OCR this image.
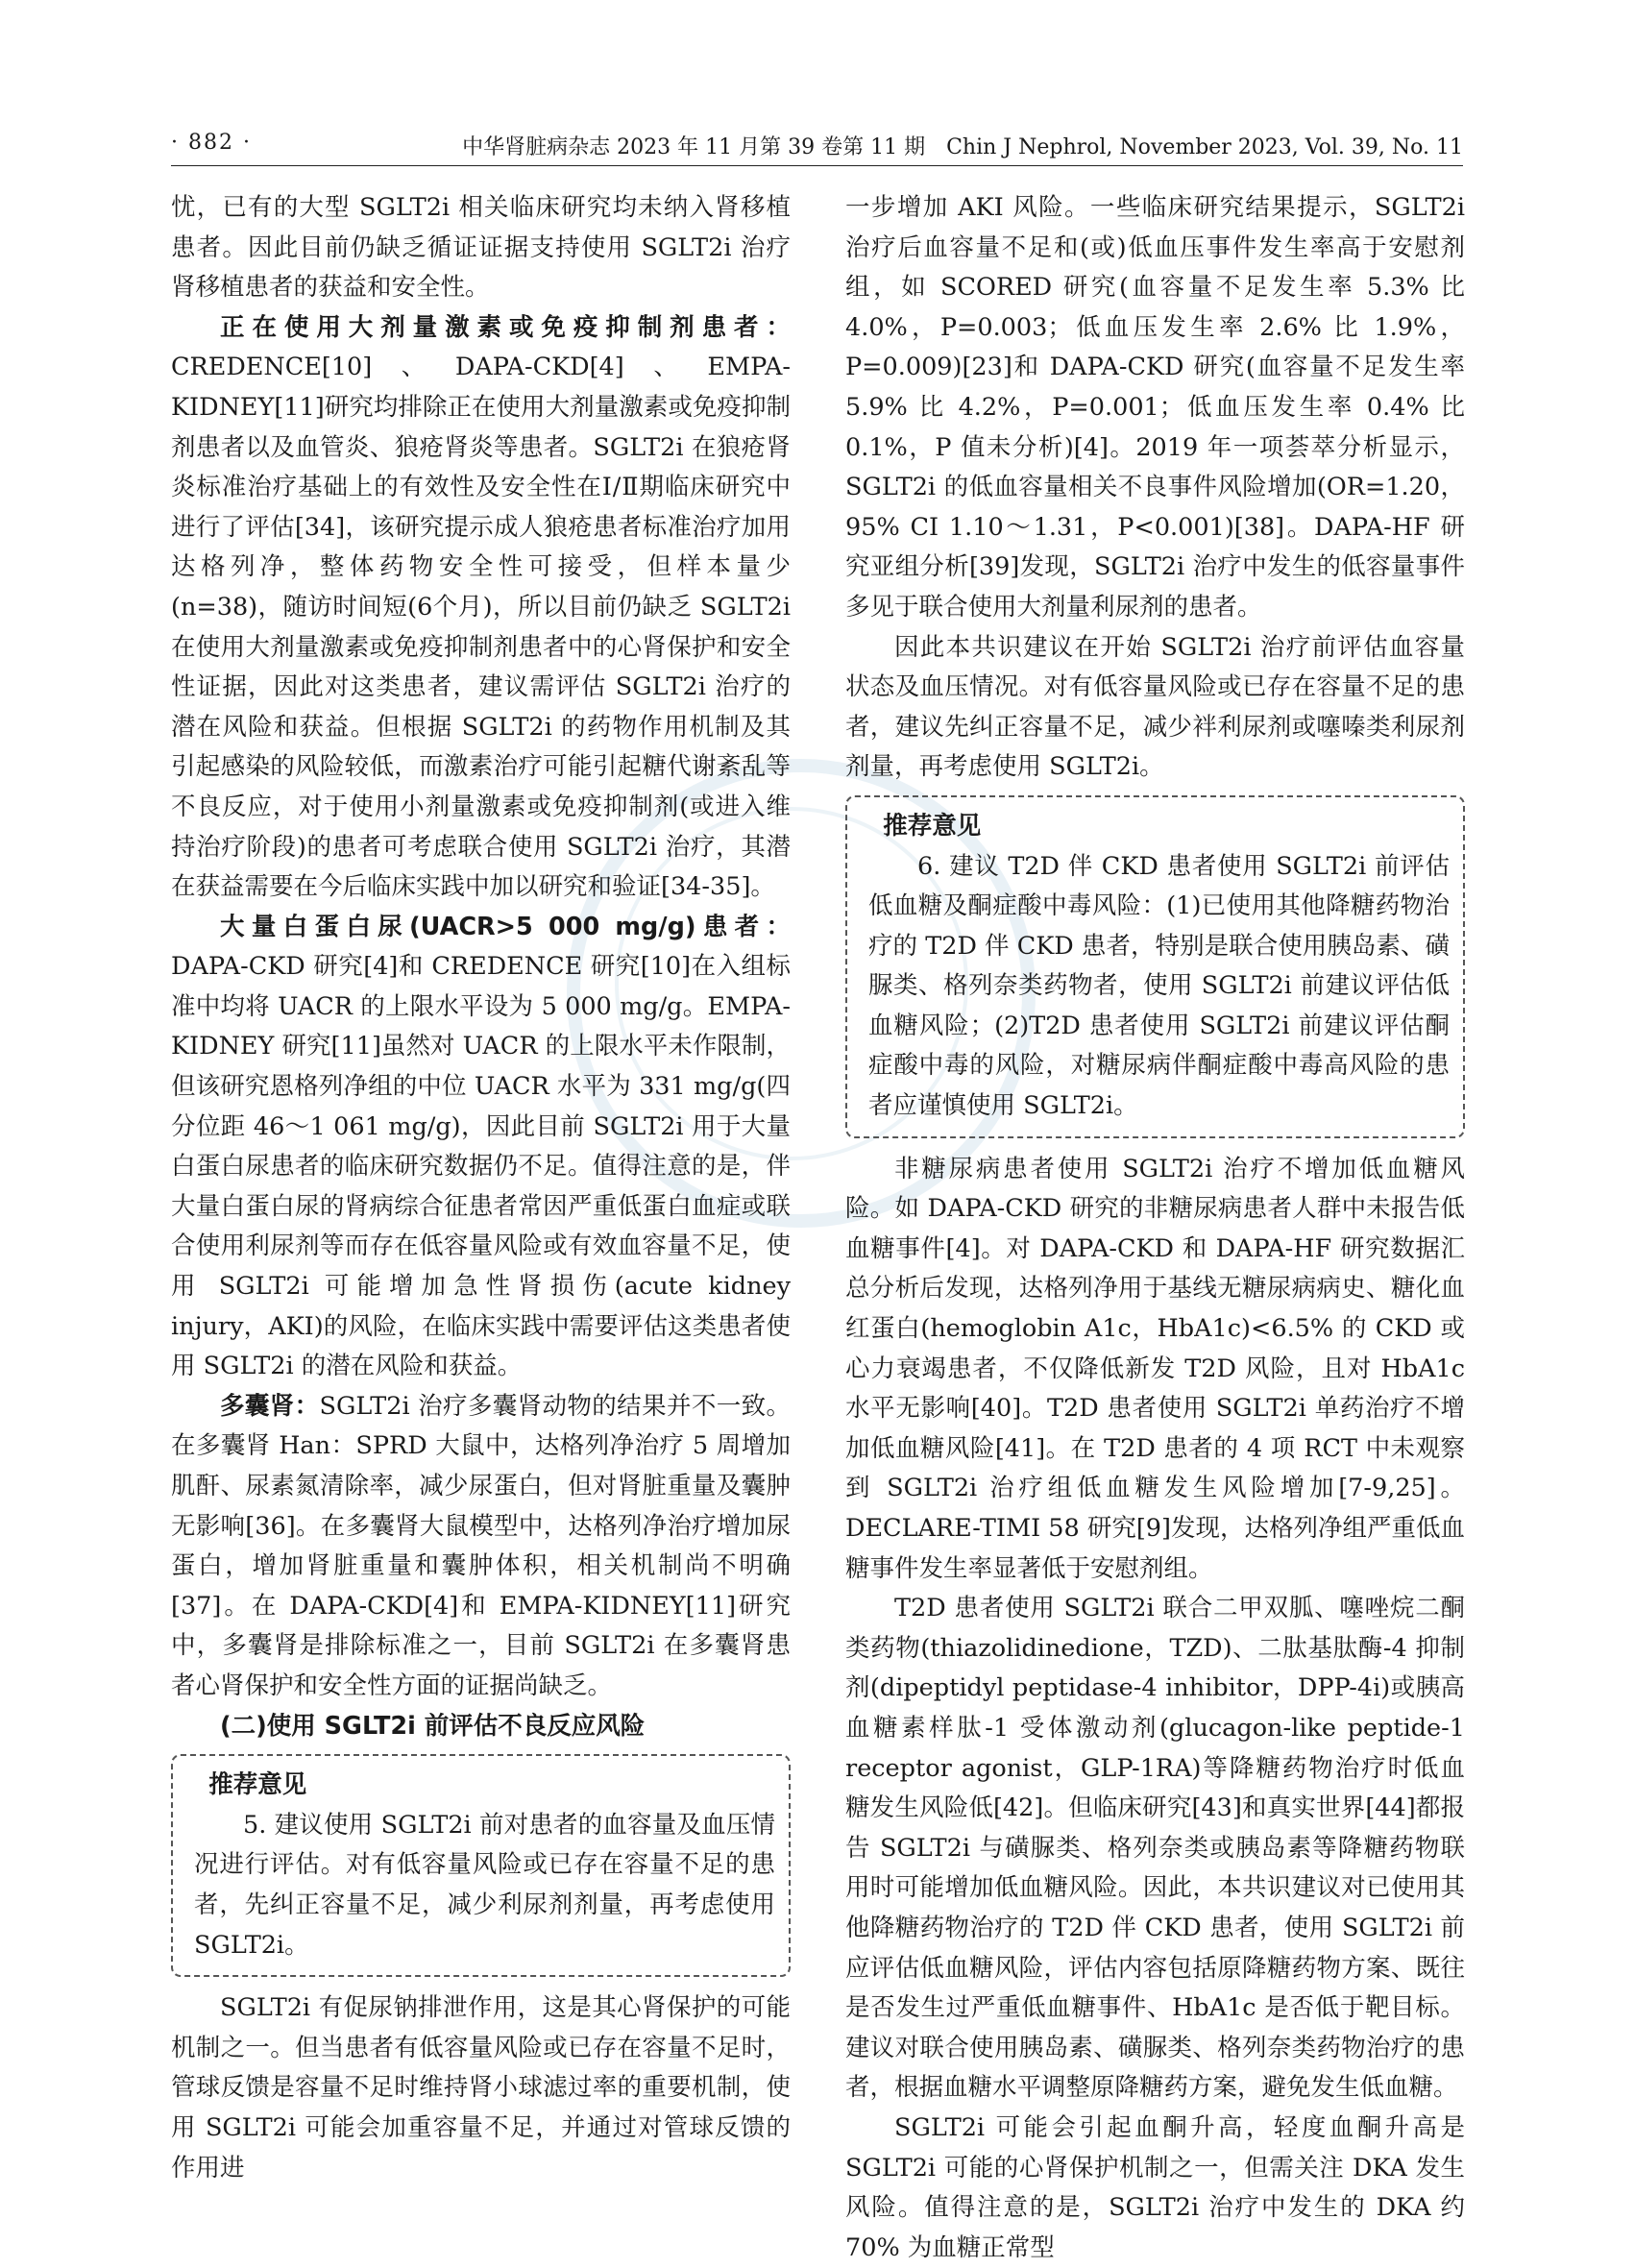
· 882 ·	中华肾脏病杂志 2023 年 11 月第 39 卷第 11 期　Chin J Nephrol, November 2023, Vol. 39, No. 11

忧，已有的大型 SGLT2i 相关临床研究均未纳入肾移植患者。因此目前仍缺乏循证证据支持使用 SGLT2i 治疗肾移植患者的获益和安全性。

正在使用大剂量激素或免疫抑制剂患者：CREDENCE[10]、DAPA-CKD[4]、EMPA-KIDNEY[11]研究均排除正在使用大剂量激素或免疫抑制剂患者以及血管炎、狼疮肾炎等患者。SGLT2i 在狼疮肾炎标准治疗基础上的有效性及安全性在Ⅰ/Ⅱ期临床研究中进行了评估[34]，该研究提示成人狼疮患者标准治疗加用达格列净，整体药物安全性可接受，但样本量少(n=38)，随访时间短(6个月)，所以目前仍缺乏 SGLT2i 在使用大剂量激素或免疫抑制剂患者中的心肾保护和安全性证据，因此对这类患者，建议需评估 SGLT2i 治疗的潜在风险和获益。但根据 SGLT2i 的药物作用机制及其引起感染的风险较低，而激素治疗可能引起糖代谢紊乱等不良反应，对于使用小剂量激素或免疫抑制剂(或进入维持治疗阶段)的患者可考虑联合使用 SGLT2i 治疗，其潜在获益需要在今后临床实践中加以研究和验证[34-35]。

大量白蛋白尿(UACR>5 000 mg/g)患者：DAPA-CKD 研究[4]和 CREDENCE 研究[10]在入组标准中均将 UACR 的上限水平设为 5 000 mg/g。EMPA-KIDNEY 研究[11]虽然对 UACR 的上限水平未作限制，但该研究恩格列净组的中位 UACR 水平为 331 mg/g(四分位距 46～1 061 mg/g)，因此目前 SGLT2i 用于大量白蛋白尿患者的临床研究数据仍不足。值得注意的是，伴大量白蛋白尿的肾病综合征患者常因严重低蛋白血症或联合使用利尿剂等而存在低容量风险或有效血容量不足，使用 SGLT2i 可能增加急性肾损伤(acute kidney injury，AKI)的风险，在临床实践中需要评估这类患者使用 SGLT2i 的潜在风险和获益。

多囊肾：SGLT2i 治疗多囊肾动物的结果并不一致。在多囊肾 Han：SPRD 大鼠中，达格列净治疗 5 周增加肌酐、尿素氮清除率，减少尿蛋白，但对肾脏重量及囊肿无影响[36]。在多囊肾大鼠模型中，达格列净治疗增加尿蛋白，增加肾脏重量和囊肿体积，相关机制尚不明确[37]。在 DAPA-CKD[4]和 EMPA-KIDNEY[11]研究中，多囊肾是排除标准之一，目前 SGLT2i 在多囊肾患者心肾保护和安全性方面的证据尚缺乏。

(二)使用 SGLT2i 前评估不良反应风险

推荐意见

5. 建议使用 SGLT2i 前对患者的血容量及血压情况进行评估。对有低容量风险或已存在容量不足的患者，先纠正容量不足，减少利尿剂剂量，再考虑使用 SGLT2i。

SGLT2i 有促尿钠排泄作用，这是其心肾保护的可能机制之一。但当患者有低容量风险或已存在容量不足时，管球反馈是容量不足时维持肾小球滤过率的重要机制，使用 SGLT2i 可能会加重容量不足，并通过对管球反馈的作用进

一步增加 AKI 风险。一些临床研究结果提示，SGLT2i 治疗后血容量不足和(或)低血压事件发生率高于安慰剂组，如 SCORED 研究(血容量不足发生率 5.3% 比 4.0%，P=0.003；低血压发生率 2.6% 比 1.9%，P=0.009)[23]和 DAPA-CKD 研究(血容量不足发生率 5.9% 比 4.2%，P=0.001；低血压发生率 0.4% 比 0.1%，P 值未分析)[4]。2019 年一项荟萃分析显示，SGLT2i 的低血容量相关不良事件风险增加(OR=1.20，95% CI 1.10～1.31，P<0.001)[38]。DAPA-HF 研究亚组分析[39]发现，SGLT2i 治疗中发生的低容量事件多见于联合使用大剂量利尿剂的患者。

因此本共识建议在开始 SGLT2i 治疗前评估血容量状态及血压情况。对有低容量风险或已存在容量不足的患者，建议先纠正容量不足，减少袢利尿剂或噻嗪类利尿剂剂量，再考虑使用 SGLT2i。

推荐意见

6. 建议 T2D 伴 CKD 患者使用 SGLT2i 前评估低血糖及酮症酸中毒风险：(1)已使用其他降糖药物治疗的 T2D 伴 CKD 患者，特别是联合使用胰岛素、磺脲类、格列奈类药物者，使用 SGLT2i 前建议评估低血糖风险；(2)T2D 患者使用 SGLT2i 前建议评估酮症酸中毒的风险，对糖尿病伴酮症酸中毒高风险的患者应谨慎使用 SGLT2i。

非糖尿病患者使用 SGLT2i 治疗不增加低血糖风险。如 DAPA-CKD 研究的非糖尿病患者人群中未报告低血糖事件[4]。对 DAPA-CKD 和 DAPA-HF 研究数据汇总分析后发现，达格列净用于基线无糖尿病病史、糖化血红蛋白(hemoglobin A1c，HbA1c)<6.5% 的 CKD 或心力衰竭患者，不仅降低新发 T2D 风险，且对 HbA1c 水平无影响[40]。T2D 患者使用 SGLT2i 单药治疗不增加低血糖风险[41]。在 T2D 患者的 4 项 RCT 中未观察到 SGLT2i 治疗组低血糖发生风险增加[7-9,25]。DECLARE-TIMI 58 研究[9]发现，达格列净组严重低血糖事件发生率显著低于安慰剂组。

T2D 患者使用 SGLT2i 联合二甲双胍、噻唑烷二酮类药物(thiazolidinedione，TZD)、二肽基肽酶-4 抑制剂(dipeptidyl peptidase-4 inhibitor，DPP-4i)或胰高血糖素样肽-1 受体激动剂(glucagon-like peptide-1 receptor agonist，GLP-1RA)等降糖药物治疗时低血糖发生风险低[42]。但临床研究[43]和真实世界[44]都报告 SGLT2i 与磺脲类、格列奈类或胰岛素等降糖药物联用时可能增加低血糖风险。因此，本共识建议对已使用其他降糖药物治疗的 T2D 伴 CKD 患者，使用 SGLT2i 前应评估低血糖风险，评估内容包括原降糖药物方案、既往是否发生过严重低血糖事件、HbA1c 是否低于靶目标。建议对联合使用胰岛素、磺脲类、格列奈类药物治疗的患者，根据血糖水平调整原降糖药方案，避免发生低血糖。

SGLT2i 可能会引起血酮升高，轻度血酮升高是 SGLT2i 可能的心肾保护机制之一，但需关注 DKA 发生风险。值得注意的是，SGLT2i 治疗中发生的 DKA 约 70% 为血糖正常型
